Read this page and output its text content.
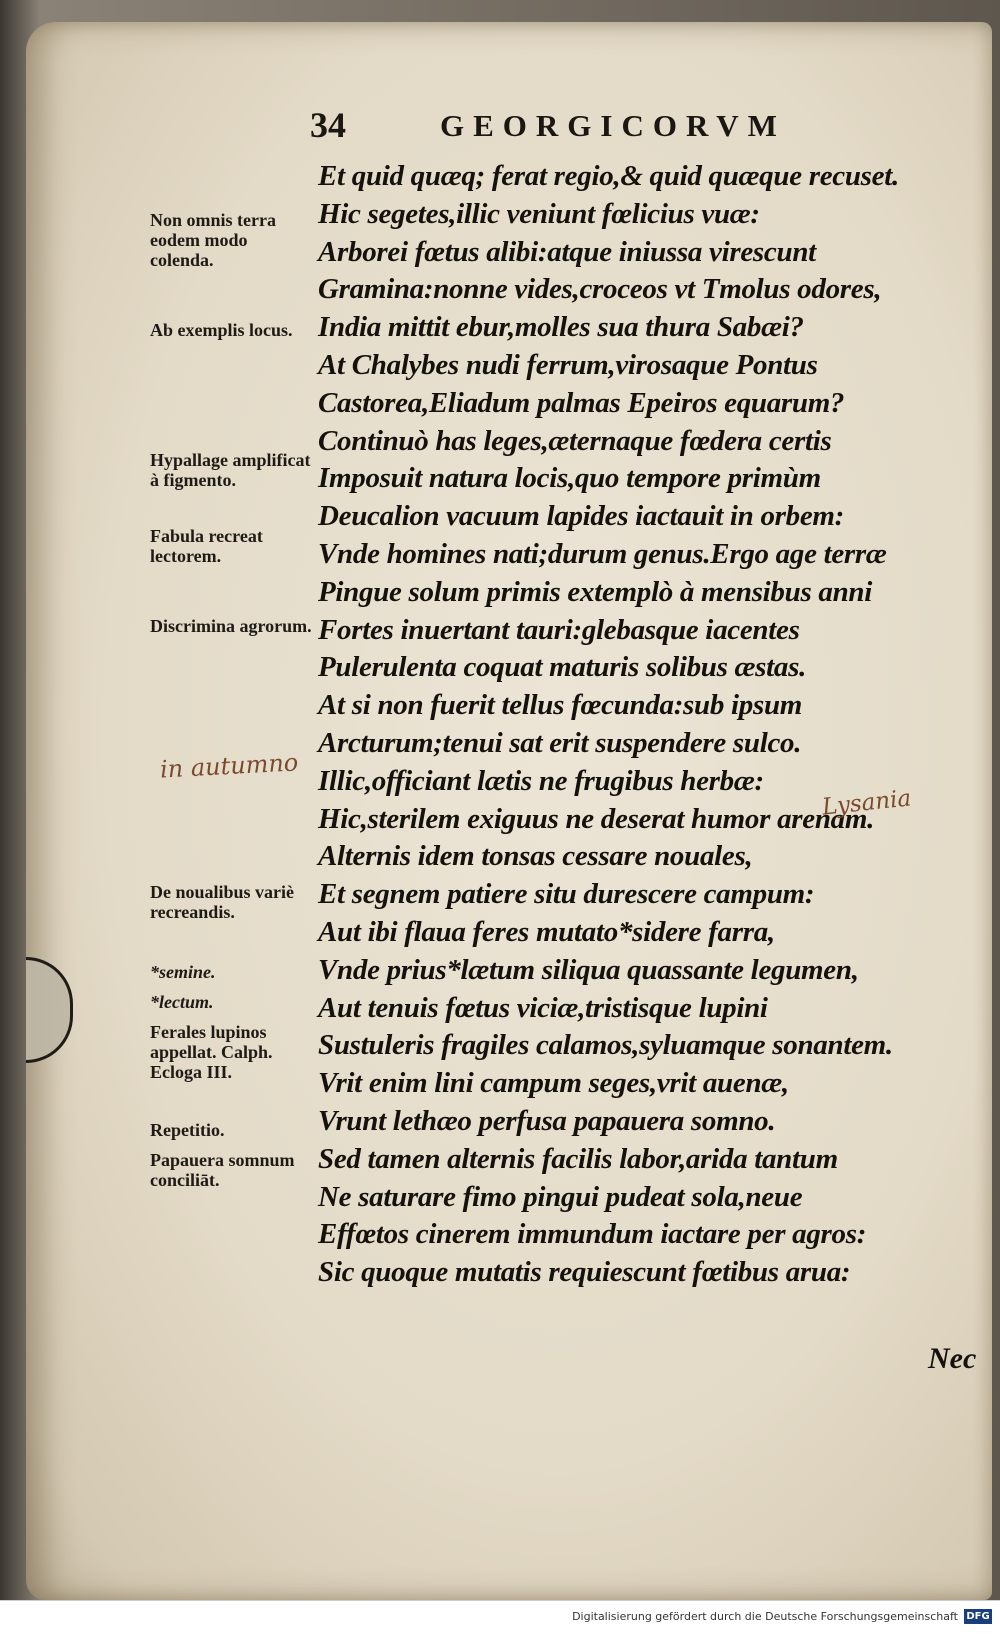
34	GEORGICORVM
Et quid quæq; ferat regio,& quid quæque recuset.
Hic segetes,illic veniunt fœlicius vuæ:
Arborei fœtus alibi:atque iniussa virescunt
Gramina:nonne vides,croceos vt Tmolus odores,
India mittit ebur,molles sua thura Sabæi?
At Chalybes nudi ferrum,virosaque Pontus
Castorea,Eliadum palmas Epeiros equarum?
Continuò has leges,æternaque fœdera certis
Imposuit natura locis,quo tempore primùm
Deucalion vacuum lapides iactauit in orbem:
Vnde homines nati;durum genus.Ergo age terræ
Pingue solum primis extemplò à mensibus anni
Fortes inuertant tauri:glebasque iacentes
Pulerulenta coquat maturis solibus æstas.
At si non fuerit tellus fœcunda:sub ipsum
Arcturum;tenui sat erit suspendere sulco.
Illic,officiant lætis ne frugibus herbæ:
Hic,sterilem exiguus ne deserat humor arenam.
Alternis idem tonsas cessare nouales,
Et segnem patiere situ durescere campum:
Aut ibi flaua feres mutato*sidere farra,
Vnde prius*lætum siliqua quassante legumen,
Aut tenuis fœtus viciæ,tristisque lupini
Sustuleris fragiles calamos,syluamque sonantem.
Vrit enim lini campum seges,vrit auenæ,
Vrunt lethæo perfusa papauera somno.
Sed tamen alternis facilis labor,arida tantum
Ne saturare fimo pingui pudeat sola,neue
Effœtos cinerem immundum iactare per agros:
Sic quoque mutatis requiescunt fœtibus arua:
Non omnis terra eodem modo colenda.
Ab exemplis locus.
Hypallage amplificat à figmento.
Fabula recreat lectorem.
Discrimina agrorum.
De noualibus variè recreandis.
*semine.
*lectum.
Ferales lupinos appellat. Calph. Ecloga III.
Repetitio.
Papauera somnum conciliāt.
in autumno
Lysania
Nec
Digitalisierung gefördert durch die Deutsche Forschungsgemeinschaft DFG
